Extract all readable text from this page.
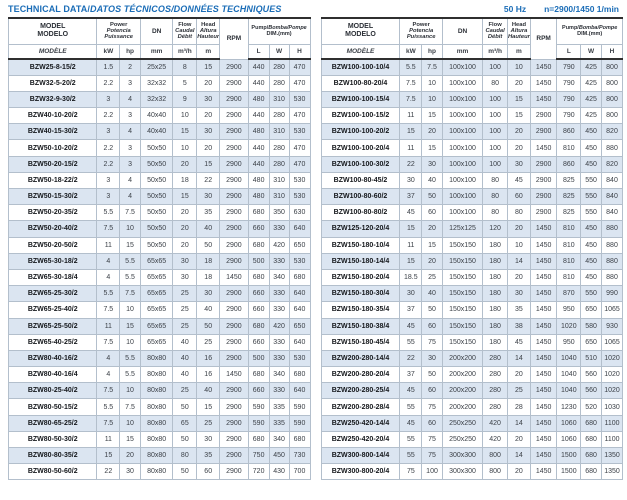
TECHNICAL DATA/DATOS TÉCNICOS/DONNÉES TECHNIQUES	50 Hz n=2900/1450 1/min
MODEL
MODELO

Power
Potencia
Puissance
	DN	
Flow
Caudal
Débit

Head
Altura
Hauteur	RPM	
Pump/Bomba/Pompe
DIM.(mm)

MODÈLE	kW	hp	mm	m³/h	m		L	W	H
BZW25-8-15/2	1.5	2	25x25	8	15	2900	440	280	470
BZW32-5-20/2	2.2	3	32x32	5	20	2900	440	280	470
BZW32-9-30/2	3	4	32x32	9	30	2900	480	310	530
BZW40-10-20/2	2.2	3	40x40	10	20	2900	440	280	470
BZW40-15-30/2	3	4	40x40	15	30	2900	480	310	530
BZW50-10-20/2	2.2	3	50x50	10	20	2900	440	280	470
BZW50-20-15/2	2.2	3	50x50	20	15	2900	440	280	470
BZW50-18-22/2	3	4	50x50	18	22	2900	480	310	530
BZW50-15-30/2	3	4	50x50	15	30	2900	480	310	530
BZW50-20-35/2	5.5	7.5	50x50	20	35	2900	680	350	630
BZW50-20-40/2	7.5	10	50x50	20	40	2900	660	330	640
BZW50-20-50/2	11	15	50x50	20	50	2900	680	420	650
BZW65-30-18/2	4	5.5	65x65	30	18	2900	500	330	530
BZW65-30-18/4	4	5.5	65x65	30	18	1450	680	340	680
BZW65-25-30/2	5.5	7.5	65x65	25	30	2900	660	330	640
BZW65-25-40/2	7.5	10	65x65	25	40	2900	660	330	640
BZW65-25-50/2	11	15	65x65	25	50	2900	680	420	650
BZW65-40-25/2	7.5	10	65x65	40	25	2900	660	330	640
BZW80-40-16/2	4	5.5	80x80	40	16	2900	500	330	530
BZW80-40-16/4	4	5.5	80x80	40	16	1450	680	340	680
BZW80-25-40/2	7.5	10	80x80	25	40	2900	660	330	640
BZW80-50-15/2	5.5	7.5	80x80	50	15	2900	590	335	590
BZW80-65-25/2	7.5	10	80x80	65	25	2900	590	335	590
BZW80-50-30/2	11	15	80x80	50	30	2900	680	340	680
BZW80-80-35/2	15	20	80x80	80	35	2900	750	450	730
BZW80-50-60/2	22	30	80x80	50	60	2900	720	430	700
MODEL
MODELO

Power
Potencia
Puissance
	DN	
Flow
Caudal
Débit

Head
Altura
Hauteur	RPM	
Pump/Bomba/Pompe
DIM.(mm)

MODÈLE	kW	hp	mm	m³/h	m		L	W	H
BZW100-100-10/4	5.5	7.5	100x100	100	10	1450	790	425	800
BZW100-80-20/4	7.5	10	100x100	80	20	1450	790	425	800
BZW100-100-15/4	7.5	10	100x100	100	15	1450	790	425	800
BZW100-100-15/2	11	15	100x100	100	15	2900	790	425	800
BZW100-100-20/2	15	20	100x100	100	20	2900	860	450	820
BZW100-100-20/4	11	15	100x100	100	20	1450	810	450	880
BZW100-100-30/2	22	30	100x100	100	30	2900	860	450	820
BZW100-80-45/2	30	40	100x100	80	45	2900	825	550	840
BZW100-80-60/2	37	50	100x100	80	60	2900	825	550	840
BZW100-80-80/2	45	60	100x100	80	80	2900	825	550	840
BZW125-120-20/4	15	20	125x125	120	20	1450	810	450	880
BZW150-180-10/4	11	15	150x150	180	10	1450	810	450	880
BZW150-180-14/4	15	20	150x150	180	14	1450	810	450	880
BZW150-180-20/4	18.5	25	150x150	180	20	1450	810	450	880
BZW150-180-30/4	30	40	150x150	180	30	1450	870	550	990
BZW150-180-35/4	37	50	150x150	180	35	1450	950	650	1065
BZW150-180-38/4	45	60	150x150	180	38	1450	1020	580	930
BZW150-180-45/4	55	75	150x150	180	45	1450	950	650	1065
BZW200-280-14/4	22	30	200x200	280	14	1450	1040	510	1020
BZW200-280-20/4	37	50	200x200	280	20	1450	1040	560	1020
BZW200-280-25/4	45	60	200x200	280	25	1450	1040	560	1020
BZW200-280-28/4	55	75	200x200	280	28	1450	1230	520	1030
BZW250-420-14/4	45	60	250x250	420	14	1450	1060	680	1100
BZW250-420-20/4	55	75	250x250	420	20	1450	1060	680	1100
BZW300-800-14/4	55	75	300x300	800	14	1450	1500	680	1350
BZW300-800-20/4	75	100	300x300	800	20	1450	1500	680	1350
